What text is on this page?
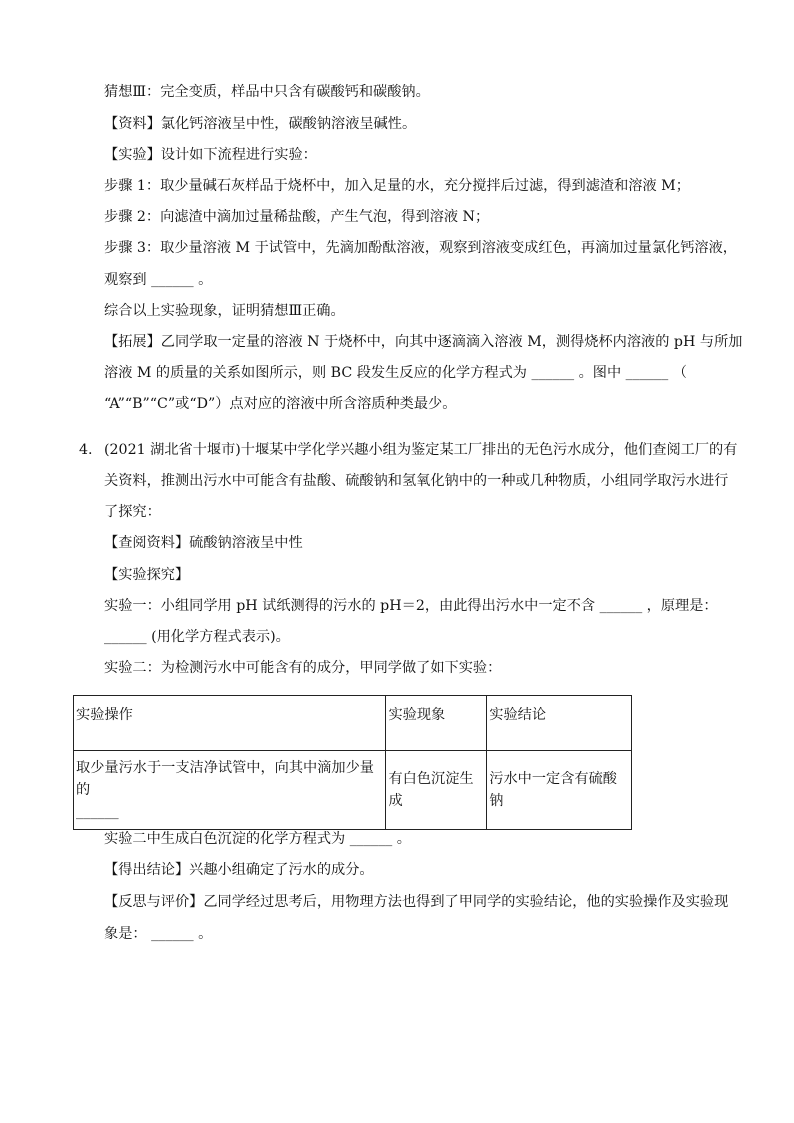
猜想Ⅲ：完全变质，样品中只含有碳酸钙和碳酸钠。
【资料】氯化钙溶液呈中性，碳酸钠溶液呈碱性。
【实验】设计如下流程进行实验：
步骤 1：取少量碱石灰样品于烧杯中，加入足量的水，充分搅拌后过滤，得到滤渣和溶液 M；
步骤 2：向滤渣中滴加过量稀盐酸，产生气泡，得到溶液 N；
步骤 3：取少量溶液 M 于试管中，先滴加酚酞溶液，观察到溶液变成红色，再滴加过量氯化钙溶液，
观察到 ______ 。
综合以上实验现象，证明猜想Ⅲ正确。
【拓展】乙同学取一定量的溶液 N 于烧杯中，向其中逐滴滴入溶液 M，测得烧杯内溶液的 pH 与所加
溶液 M 的质量的关系如图所示，则 BC 段发生反应的化学方程式为 ______ 。图中 ______ （
“A”“B”“C”或“D”）点对应的溶液中所含溶质种类最少。
4. (2021 湖北省十堰市)十堰某中学化学兴趣小组为鉴定某工厂排出的无色污水成分，他们查阅工厂的有
关资料，推测出污水中可能含有盐酸、硫酸钠和氢氧化钠中的一种或几种物质，小组同学取污水进行
了探究：
【查阅资料】硫酸钠溶液呈中性
【实验探究】
实验一：小组同学用 pH 试纸测得的污水的 pH＝2，由此得出污水中一定不含 ______ ，原理是：
______ (用化学方程式表示)。
实验二：为检测污水中可能含有的成分，甲同学做了如下实验：
实验操作	实验现象	实验结论

取少量污水于一支洁净试管中，向其中滴加少量的
______	有白色沉淀生成	污水中一定含有硫酸钠
实验二中生成白色沉淀的化学方程式为 ______ 。
【得出结论】兴趣小组确定了污水的成分。
【反思与评价】乙同学经过思考后，用物理方法也得到了甲同学的实验结论，他的实验操作及实验现
象是： ______ 。
